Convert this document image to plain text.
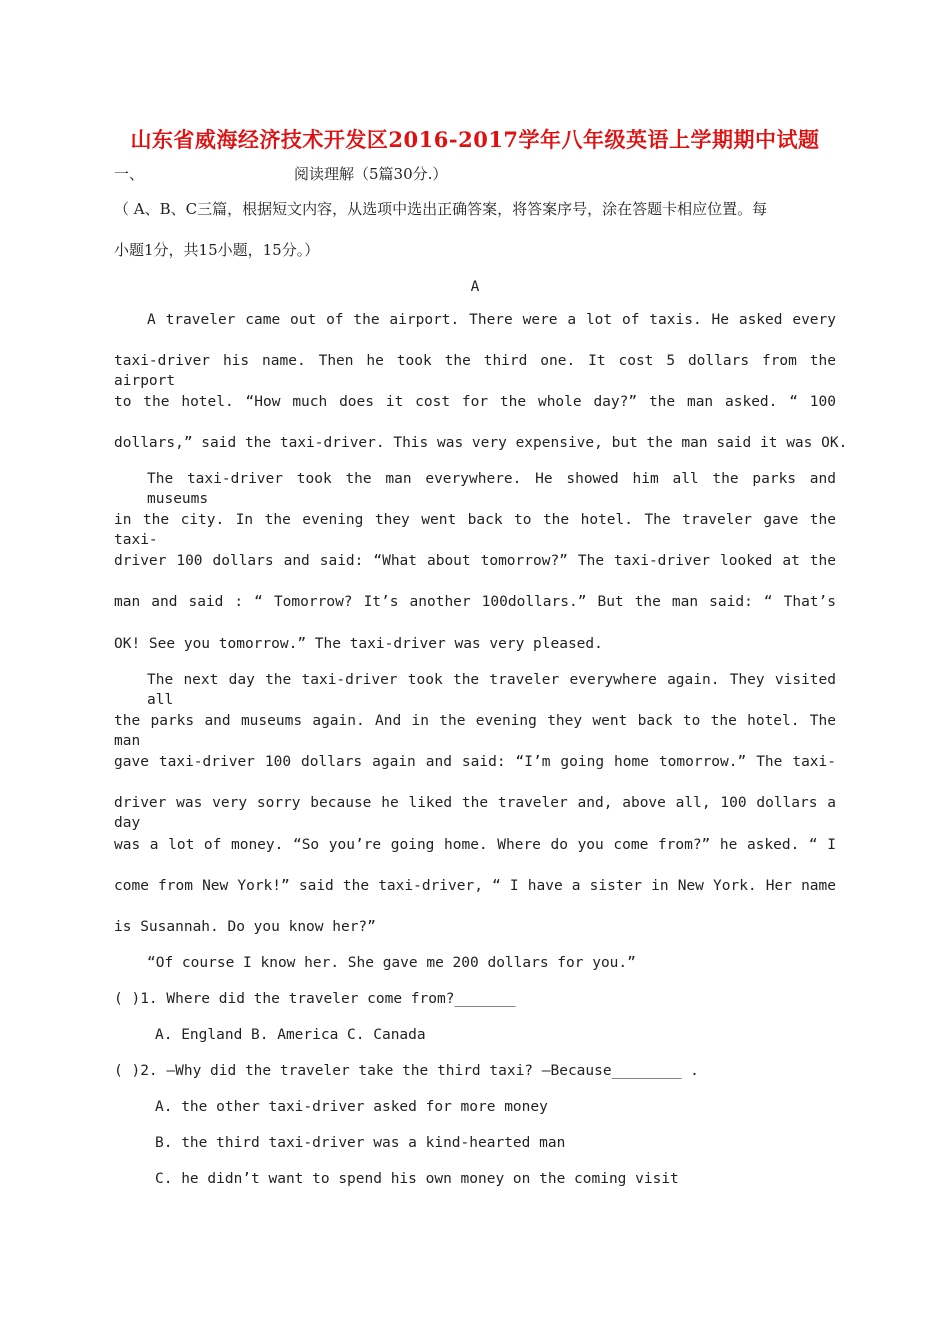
山东省威海经济技术开发区2016-2017学年八年级英语上学期期中试题
一、	阅读理解（5篇30分.）
（ A、B、C三篇，根据短文内容，从选项中选出正确答案，将答案序号，涂在答题卡相应位置。每
小题1分，共15小题，15分。）
A
A traveler came out of the airport. There were a lot of taxis. He asked every
taxi-driver his name. Then he took the third one. It cost 5 dollars from the airport
to the hotel. “How much does it cost for the whole day?” the man asked. “ 100
dollars,” said the taxi-driver. This was very expensive, but the man said it was OK.
The taxi-driver took the man everywhere. He showed him all the parks and museums
in the city. In the evening they went back to the hotel. The traveler gave the taxi-
driver 100 dollars and said: “What about tomorrow?” The taxi-driver looked at the
man and said : “ Tomorrow? It’s another 100dollars.” But the man said: “ That’s
OK! See you tomorrow.” The taxi-driver was very pleased.
The next day the taxi-driver took the traveler everywhere again. They visited all
the parks and museums again. And in the evening they went back to the hotel. The man
gave taxi-driver 100 dollars again and said: “I’m going home tomorrow.” The taxi-
driver was very sorry because he liked the traveler and, above all, 100 dollars a day
was a lot of money. “So you’re going home. Where do you come from?” he asked. “ I
come from New York!” said the taxi-driver, “ I have a sister in New York. Her name
is Susannah. Do you know her?”
“Of course I know her. She gave me 200 dollars for you.”
( )1. Where did the traveler come from?_______
A. England B. America C. Canada
( )2. —Why did the traveler take the third taxi? —Because________ .
A. the other taxi-driver asked for more money
B. the third taxi-driver was a kind-hearted man
C. he didn’t want to spend his own money on the coming visit
